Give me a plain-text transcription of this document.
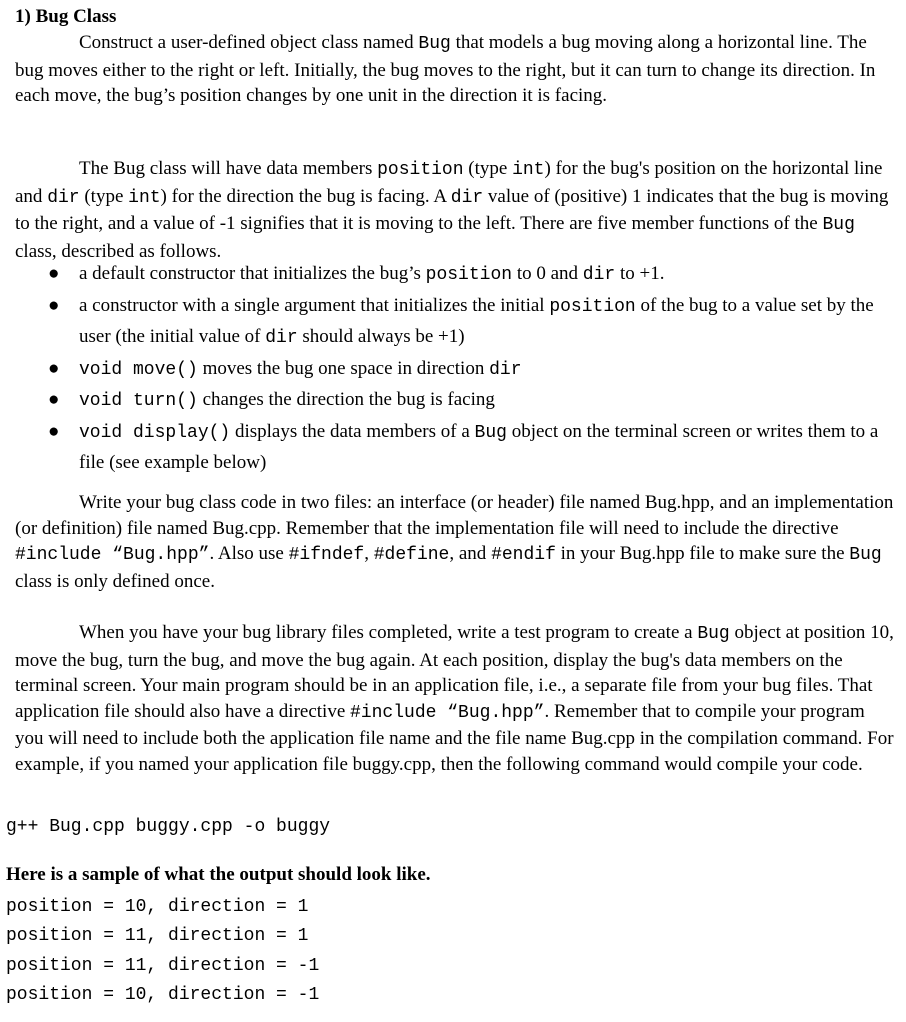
1) Bug Class

Construct a user-defined object class named Bug that models a bug moving along a horizontal line. The bug moves either to the right or left. Initially, the bug moves to the right, but it can turn to change its direction. In each move, the bug’s position changes by one unit in the direction it is facing.

The Bug class will have data members position (type int) for the bug's position on the horizontal line and dir (type int) for the direction the bug is facing. A dir value of (positive) 1 indicates that the bug is moving to the right, and a value of -1 signifies that it is moving to the left. There are five member functions of the Bug class, described as follows.

● a default constructor that initializes the bug’s position to 0 and dir to +1.
● a constructor with a single argument that initializes the initial position of the bug to a value set by the user (the initial value of dir should always be +1)
● void move() moves the bug one space in direction dir
● void turn() changes the direction the bug is facing
● void display() displays the data members of a Bug object on the terminal screen or writes them to a file (see example below)

Write your bug class code in two files: an interface (or header) file named Bug.hpp, and an implementation (or definition) file named Bug.cpp. Remember that the implementation file will need to include the directive #include “Bug.hpp”. Also use #ifndef, #define, and #endif in your Bug.hpp file to make sure the Bug class is only defined once.

When you have your bug library files completed, write a test program to create a Bug object at position 10, move the bug, turn the bug, and move the bug again. At each position, display the bug's data members on the terminal screen. Your main program should be in an application file, i.e., a separate file from your bug files. That application file should also have a directive #include “Bug.hpp”. Remember that to compile your program you will need to include both the application file name and the file name Bug.cpp in the compilation command. For example, if you named your application file buggy.cpp, then the following command would compile your code.

g++ Bug.cpp buggy.cpp -o buggy
Here is a sample of what the output should look like.
position = 10, direction = 1
position = 11, direction = 1
position = 11, direction = -1
position = 10, direction = -1
